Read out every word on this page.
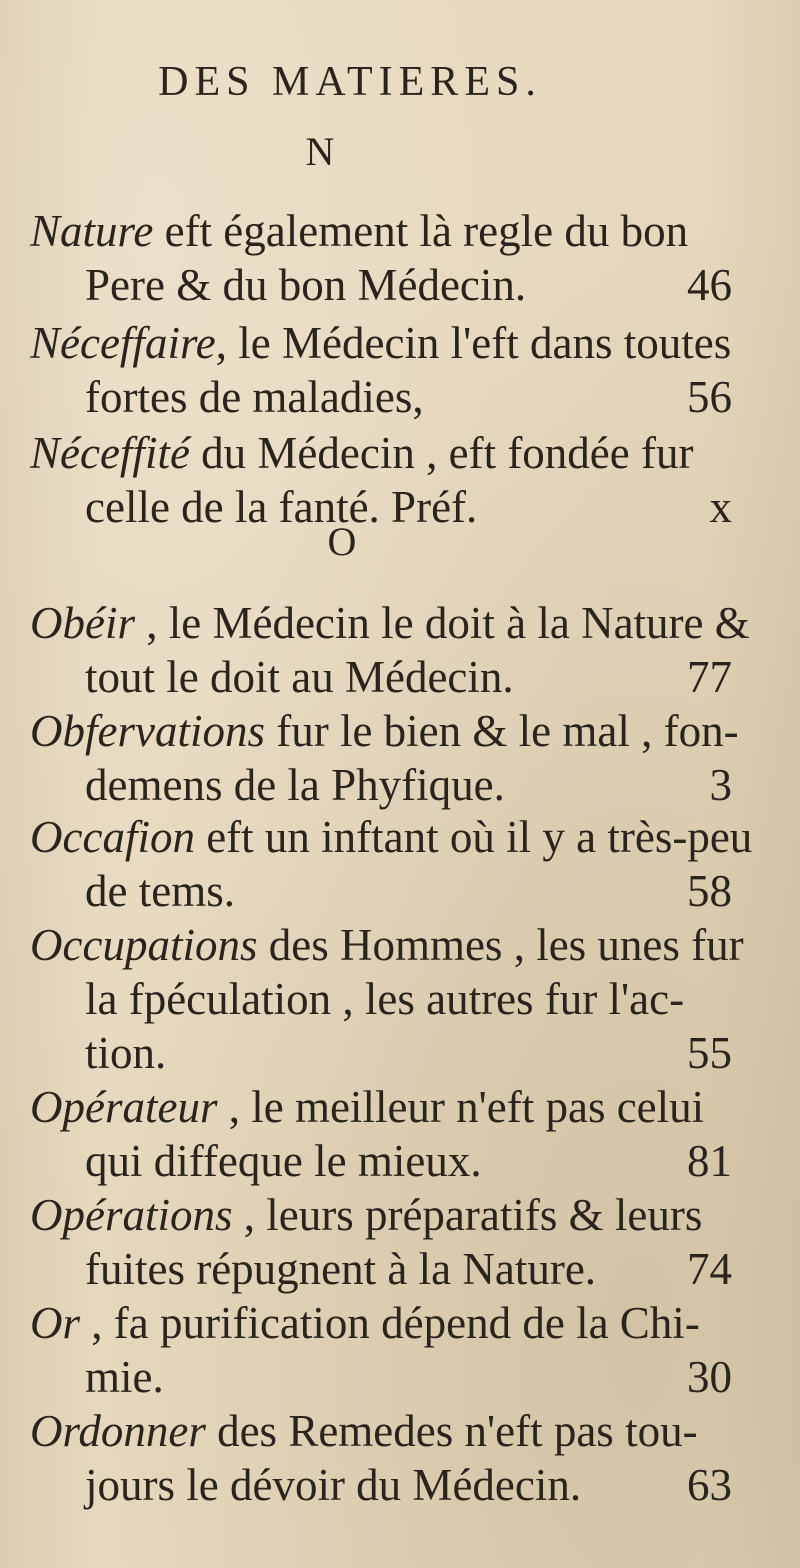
DES MATIERES.
N
Nature eft également là regle du bon
Pere & du bon Médecin.	46
Néceffaire, le Médecin l'eft dans toutes
fortes de maladies,	56
Néceffité du Médecin , eft fondée fur
celle de la fanté. Préf.	x
O
Obéir , le Médecin le doit à la Nature &
tout le doit au Médecin.	77
Obfervations fur le bien & le mal , fon-
demens de la Phyfique.	3
Occafion eft un inftant où il y a très-peu
de tems.	58
Occupations des Hommes , les unes fur
la fpéculation , les autres fur l'ac-
tion.	55
Opérateur , le meilleur n'eft pas celui
qui diffeque le mieux.	81
Opérations , leurs préparatifs & leurs
fuites répugnent à la Nature. 74
Or , fa purification dépend de la Chi-
mie.	30
Ordonner des Remedes n'eft pas tou-
jours le dévoir du Médecin. 63
